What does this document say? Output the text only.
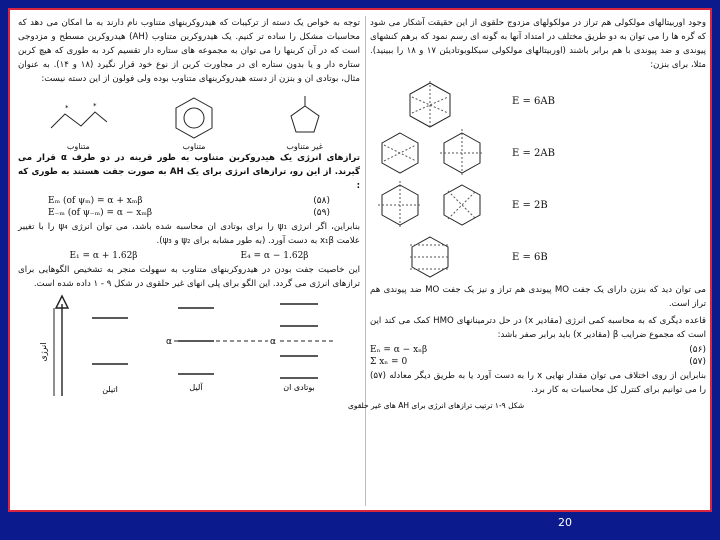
وجود اوربیتالهای مولکولی هم تراز در مولکولهای مزدوج حلقوی از این حقیقت آشکار می شود که گره ها را می توان به دو طریق مختلف در امتداد آنها به گونه ای رسم نمود که برهم کنشهای پیوندی و ضد پیوندی با هم برابر باشند (اوربیتالهای مولکولی سیکلوبوتادیئن ۱۷ و ۱۸ را ببینید). مثلا، برای بنزن:

E = 6AB
E = 2AB
E = 2B
E = 6B

می توان دید که بنزن دارای یک جفت MO پیوندی هم تراز و نیز یک جفت MO ضد پیوندی هم تراز است.

قاعده دیگری که به محاسبه کمی انرژی (مقادیر x) در حل دترمینانهای HMO کمک می کند این است که مجموع ضرایب β (مقادیر x) باید برابر صفر باشد:

Eₙ = α − xₙβ	(۵۶)
Σ xₙ = 0	(۵۷)

بنابراین از روی اختلاف می توان مقدار نهایی x را به دست آورد یا به طریق دیگر معادله (۵۷) را می توانیم برای کنترل کل محاسبات به کار برد.

توجه به خواص یک دسته از ترکیبات که هیدروکربنهای متناوب نام دارند به ما امکان می دهد که محاسبات مشکل را ساده تر کنیم. یک هیدروکربن متناوب (AH) هیدروکربن مسطح و مزدوجی است که در آن کربنها را می توان به مجموعه های ستاره دار تقسیم کرد به طوری که هیچ کربن ستاره دار و یا بدون ستاره ای در مجاورت کربن از نوع خود قرار نگیرد (۱۸ و ۱۴). به عنوان مثال، بوتادی ان و بنزن از دسته هیدروکربنهای متناوب بوده ولی فولون از این دسته نیست:

*	*
متناوب	متناوب	غیر متناوب

ترازهای انرژی یک هیدروکربن متناوب به طور قرینه در دو طرف α قرار می گیرند. از این رو، ترازهای انرژی برای یک AH به صورت جفت هستند به طوری که :

Eₘ (of ψₘ) = α + xₘβ	(۵۸)
E₋ₘ (of ψ₋ₘ) = α − xₘβ	(۵۹)

بنابراین، اگر انرژی ψ₁ را برای بوتادی ان محاسبه شده باشد، می توان انرژی ψ₄ را با تغییر علامت x₁β به دست آورد. (به طور مشابه برای ψ₂ و ψ₃).

E₁ = α + 1.62β	E₄ = α − 1.62β

این خاصیت جفت بودن در هیدروکربنهای متناوب به سهولت منجر به تشخیص الگوهایی برای ترازهای انرژی می گردد. این الگو برای پلی انهای غیر حلقوی در شکل ۹ - ۱ داده شده است.

انرژی
α	α
اتیلن	آلیل	بوتادی ان
شکل ۹-۱ ترتیب ترازهای انرژی برای AH های غیر حلقوی
20
